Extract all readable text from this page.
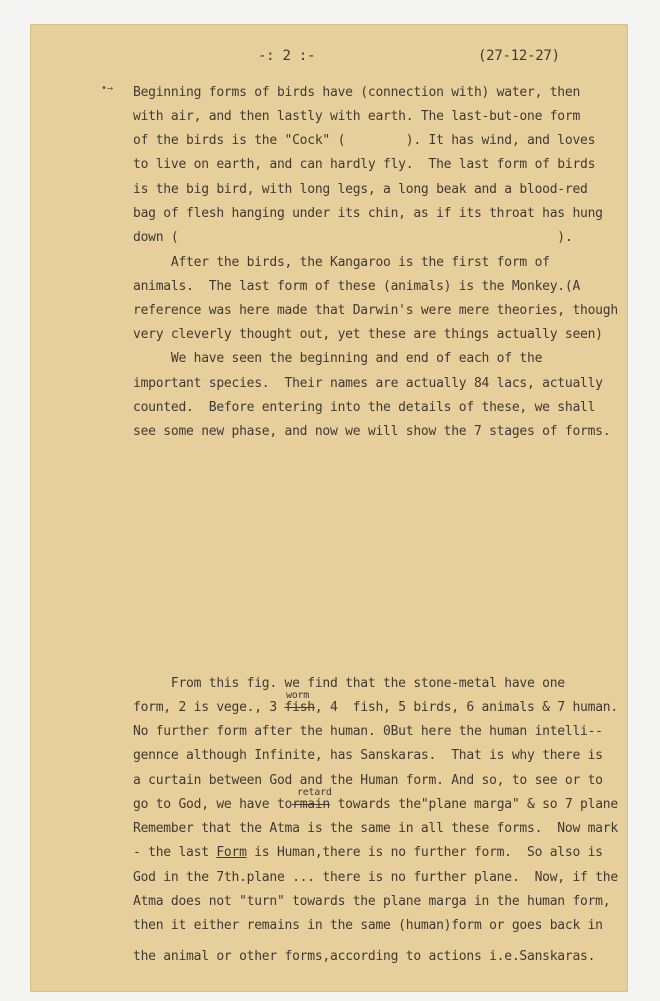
-: 2 :-	(27-12-27)

•→ Beginning forms of birds have (connection with) water, then

with air, and then lastly with earth. The last-but-one form

of the birds is the "Cock" (        ). It has wind, and loves

to live on earth, and can hardly fly.  The last form of birds

is the big bird, with long legs, a long beak and a blood-red

bag of flesh hanging under its chin, as if its throat has hung

down (                                                  ).

After the birds, the Kangaroo is the first form of

animals.  The last form of these (animals) is the Monkey.(A

reference was here made that Darwin's were mere theories, though

very cleverly thought out, yet these are things actually seen)

We have seen the beginning and end of each of the

important species.  Their names are actually 84 lacs, actually

counted.  Before entering into the details of these, we shall

see some new phase, and now we will show the 7 stages of forms.

From this fig. we find that the stone-metal have one

worm

form, 2 is vege., 3 fish, 4  fish, 5 birds, 6 animals & 7 human.

No further form after the human. 0But here the human intelli--

gennce although Infinite, has Sanskaras.  That is why there is

a curtain between God and the Human form. And so, to see or to

retard

go to God, we have tormain towards the"plane marga" & so 7 plane

Remember that the Atma is the same in all these forms.  Now mark

- the last Form is Human,there is no further form.  So also is

God in the 7th.plane ... there is no further plane.  Now, if the

Atma does not "turn" towards the plane marga in the human form,

then it either remains in the same (human)form or goes back in

the animal or other forms,according to actions i.e.Sanskaras.
